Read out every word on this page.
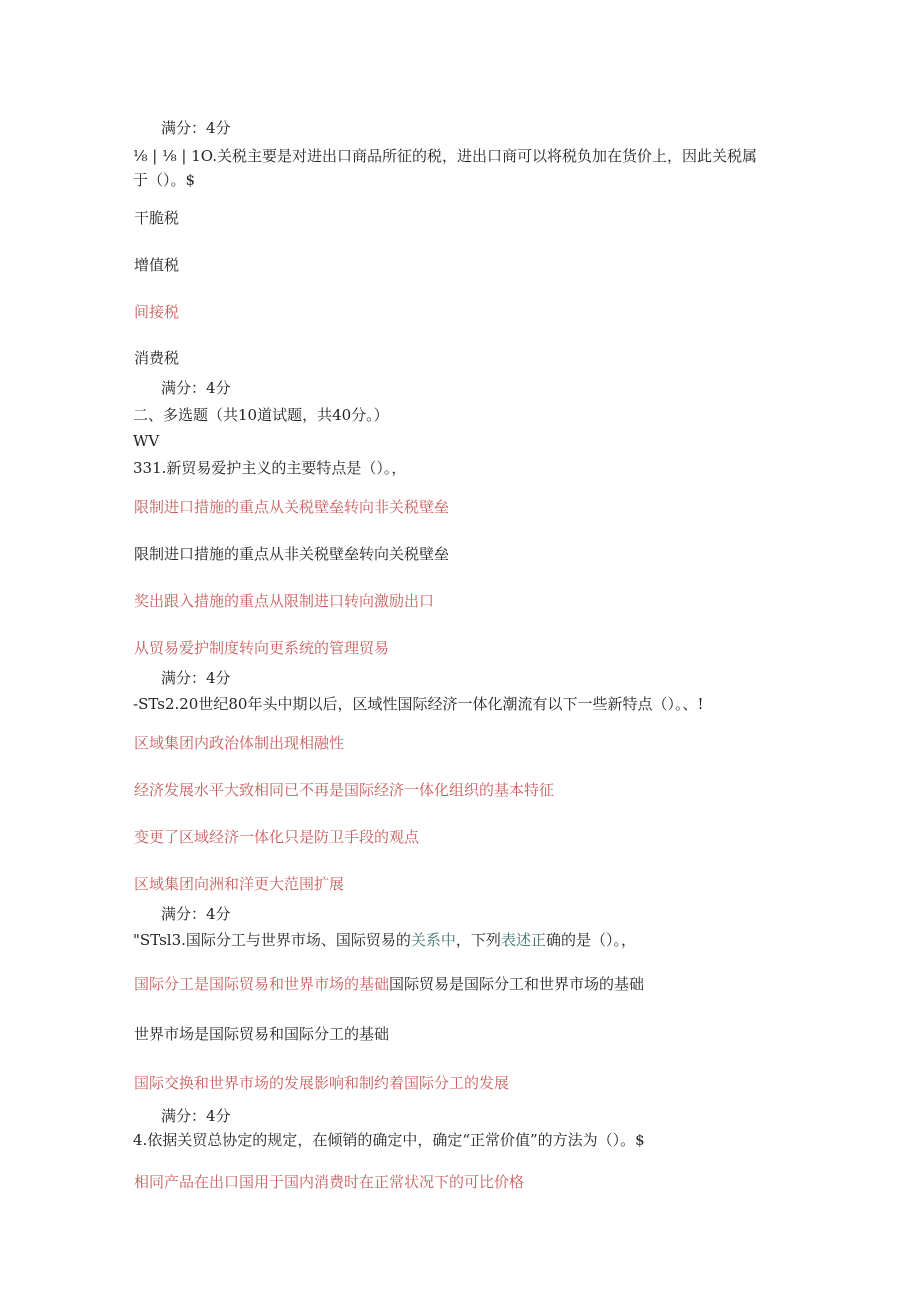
满分：4分
⅛ | ⅛ | 1O.关税主要是对进出口商品所征的税，进出口商可以将税负加在货价上，因此关税属
于（）。$
干脆税
增值税
间接税
消费税
满分：4分
二、多选题（共10道试题，共40分。）
WV
331.新贸易爱护主义的主要特点是（）。，
限制进口措施的重点从关税壁垒转向非关税壁垒
限制进口措施的重点从非关税壁垒转向关税壁垒
奖出跟入措施的重点从限制进口转向激励出口
从贸易爱护制度转向更系统的管理贸易
满分：4分
-STs2.20世纪80年头中期以后，区域性国际经济一体化潮流有以下一些新特点（）。、!
区域集团内政治体制出现相融性
经济发展水平大致相同已不再是国际经济一体化组织的基本特征
变更了区域经济一体化只是防卫手段的观点
区域集团向洲和洋更大范围扩展
满分：4分
"STsl3.国际分工与世界市场、国际贸易的关系中，下列表述正确的是（）。，
国际分工是国际贸易和世界市场的基础国际贸易是国际分工和世界市场的基础
世界市场是国际贸易和国际分工的基础
国际交换和世界市场的发展影响和制约着国际分工的发展
满分：4分
4.依据关贸总协定的规定，在倾销的确定中，确定“正常价值”的方法为（）。$
相同产品在出口国用于国内消费时在正常状况下的可比价格
